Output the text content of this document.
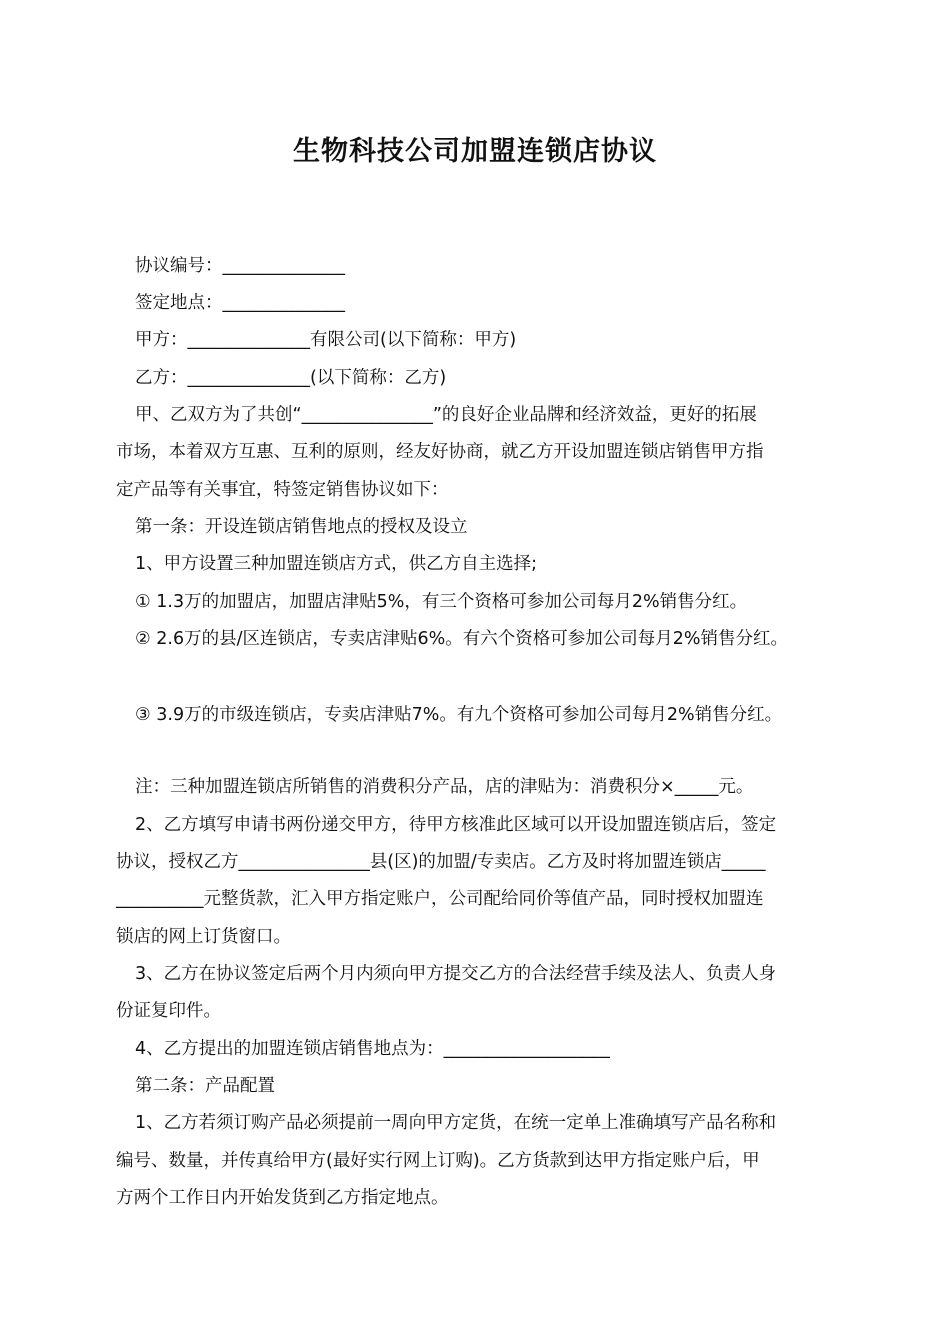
生物科技公司加盟连锁店协议
协议编号：______________
签定地点：______________
甲方：______________有限公司(以下简称：甲方)
乙方：______________(以下简称：乙方)
甲、乙双方为了共创“_______________”的良好企业品牌和经济效益，更好的拓展
市场，本着双方互惠、互利的原则，经友好协商，就乙方开设加盟连锁店销售甲方指
定产品等有关事宜，特签定销售协议如下：
第一条：开设连锁店销售地点的授权及设立
1、甲方设置三种加盟连锁店方式，供乙方自主选择;
① 1.3万的加盟店，加盟店津贴5%，有三个资格可参加公司每月2%销售分红。
② 2.6万的县/区连锁店，专卖店津贴6%。有六个资格可参加公司每月2%销售分红。
③ 3.9万的市级连锁店，专卖店津贴7%。有九个资格可参加公司每月2%销售分红。
注：三种加盟连锁店所销售的消费积分产品，店的津贴为：消费积分×_____元。
2、乙方填写申请书两份递交甲方，待甲方核准此区域可以开设加盟连锁店后，签定
协议，授权乙方_______________县(区)的加盟/专卖店。乙方及时将加盟连锁店_____
__________元整货款，汇入甲方指定账户，公司配给同价等值产品，同时授权加盟连
锁店的网上订货窗口。
3、乙方在协议签定后两个月内须向甲方提交乙方的合法经营手续及法人、负责人身
份证复印件。
4、乙方提出的加盟连锁店销售地点为：___________________
第二条：产品配置
1、乙方若须订购产品必须提前一周向甲方定货，在统一定单上准确填写产品名称和
编号、数量，并传真给甲方(最好实行网上订购)。乙方货款到达甲方指定账户后，甲
方两个工作日内开始发货到乙方指定地点。
